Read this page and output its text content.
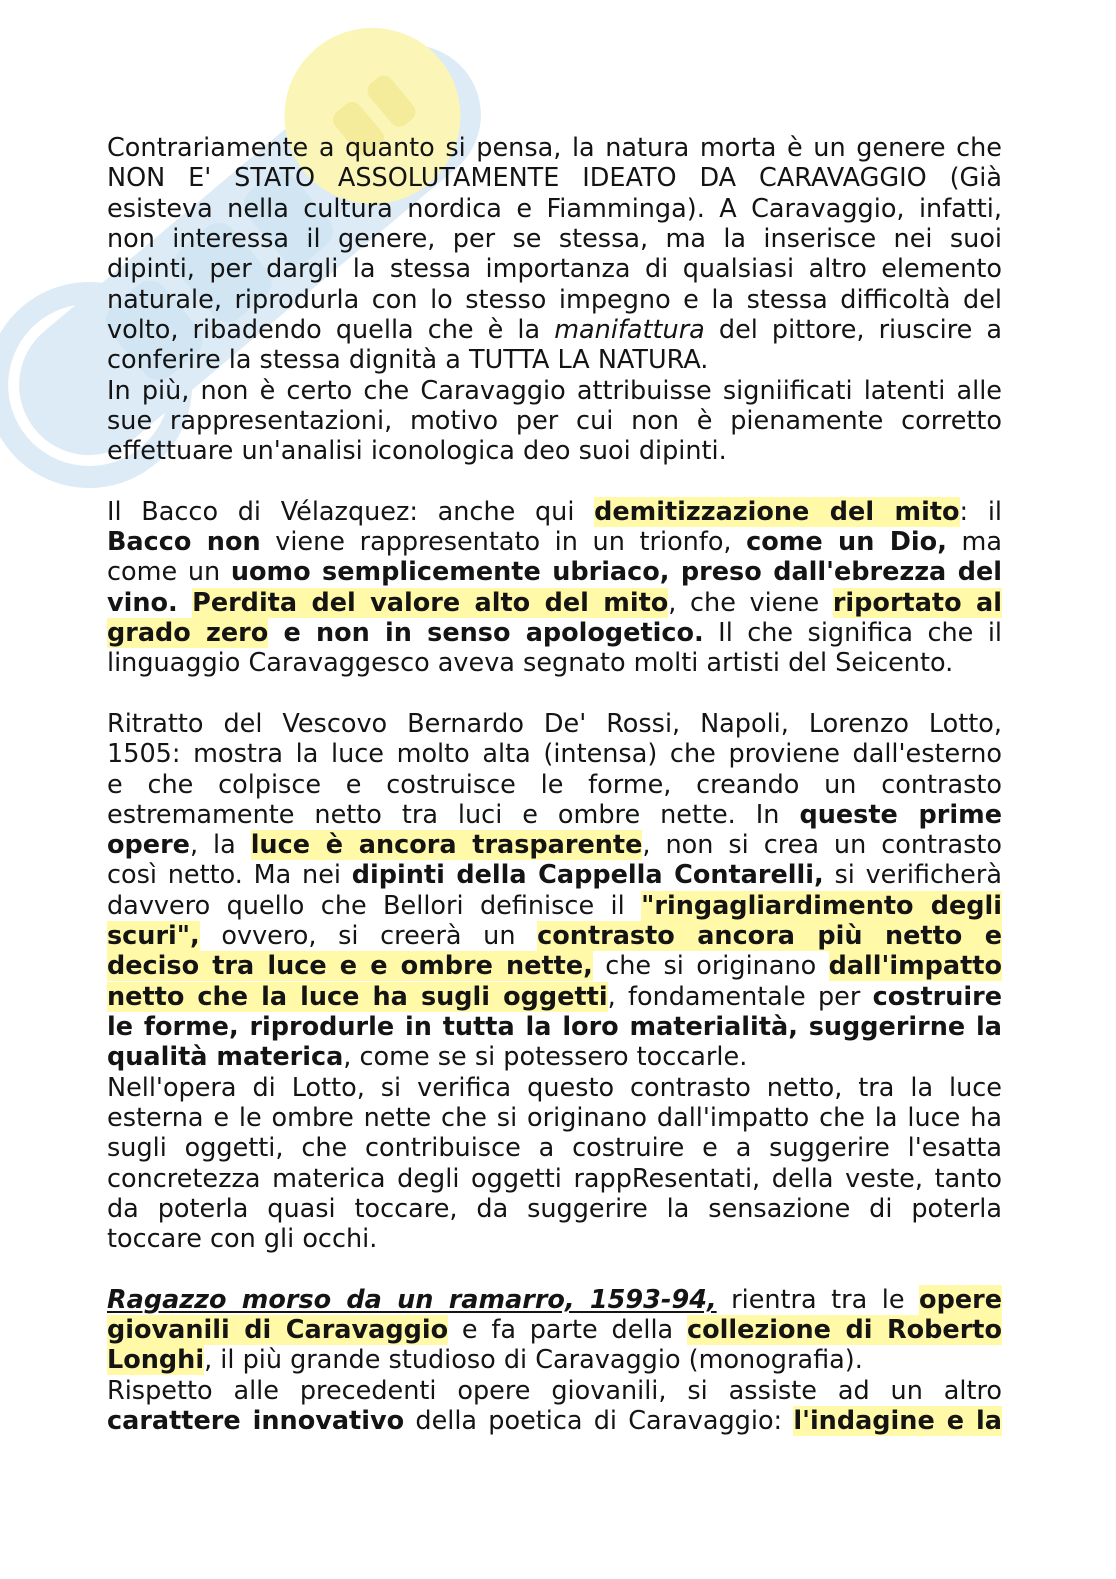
Contrariamente a quanto si pensa, la natura morta è un genere che
NON E' STATO ASSOLUTAMENTE IDEATO DA CARAVAGGIO (Già
esisteva nella cultura nordica e Fiamminga). A Caravaggio, infatti,
non interessa il genere, per se stessa, ma la inserisce nei suoi
dipinti, per dargli la stessa importanza di qualsiasi altro elemento
naturale, riprodurla con lo stesso impegno e la stessa difficoltà del
volto, ribadendo quella che è la manifattura del pittore, riuscire a
conferire la stessa dignità a TUTTA LA NATURA.
In più, non è certo che Caravaggio attribuisse signiificati latenti alle
sue rappresentazioni, motivo per cui non è pienamente corretto
effettuare un'analisi iconologica deo suoi dipinti.
Il Bacco di Vélazquez: anche qui demitizzazione del mito: il
Bacco non viene rappresentato in un trionfo, come un Dio, ma
come un uomo semplicemente ubriaco, preso dall'ebrezza del
vino. Perdita del valore alto del mito, che viene riportato al
grado zero e non in senso apologetico. Il che significa che il
linguaggio Caravaggesco aveva segnato molti artisti del Seicento.
Ritratto del Vescovo Bernardo De' Rossi, Napoli, Lorenzo Lotto,
1505: mostra la luce molto alta (intensa) che proviene dall'esterno
e che colpisce e costruisce le forme, creando un contrasto
estremamente netto tra luci e ombre nette. In queste prime
opere, la luce è ancora trasparente, non si crea un contrasto
così netto. Ma nei dipinti della Cappella Contarelli, si verificherà
davvero quello che Bellori definisce il "ringagliardimento degli
scuri", ovvero, si creerà un contrasto ancora più netto e
deciso tra luce e e ombre nette, che si originano dall'impatto
netto che la luce ha sugli oggetti, fondamentale per costruire
le forme, riprodurle in tutta la loro materialità, suggerirne la
qualità materica, come se si potessero toccarle.
Nell'opera di Lotto, si verifica questo contrasto netto, tra la luce
esterna e le ombre nette che si originano dall'impatto che la luce ha
sugli oggetti, che contribuisce a costruire e a suggerire l'esatta
concretezza materica degli oggetti rappResentati, della veste, tanto
da poterla quasi toccare, da suggerire la sensazione di poterla
toccare con gli occhi.
Ragazzo morso da un ramarro, 1593-94, rientra tra le opere
giovanili di Caravaggio e fa parte della collezione di Roberto
Longhi, il più grande studioso di Caravaggio (monografia).
Rispetto alle precedenti opere giovanili, si assiste ad un altro
carattere innovativo della poetica di Caravaggio: l'indagine e la
